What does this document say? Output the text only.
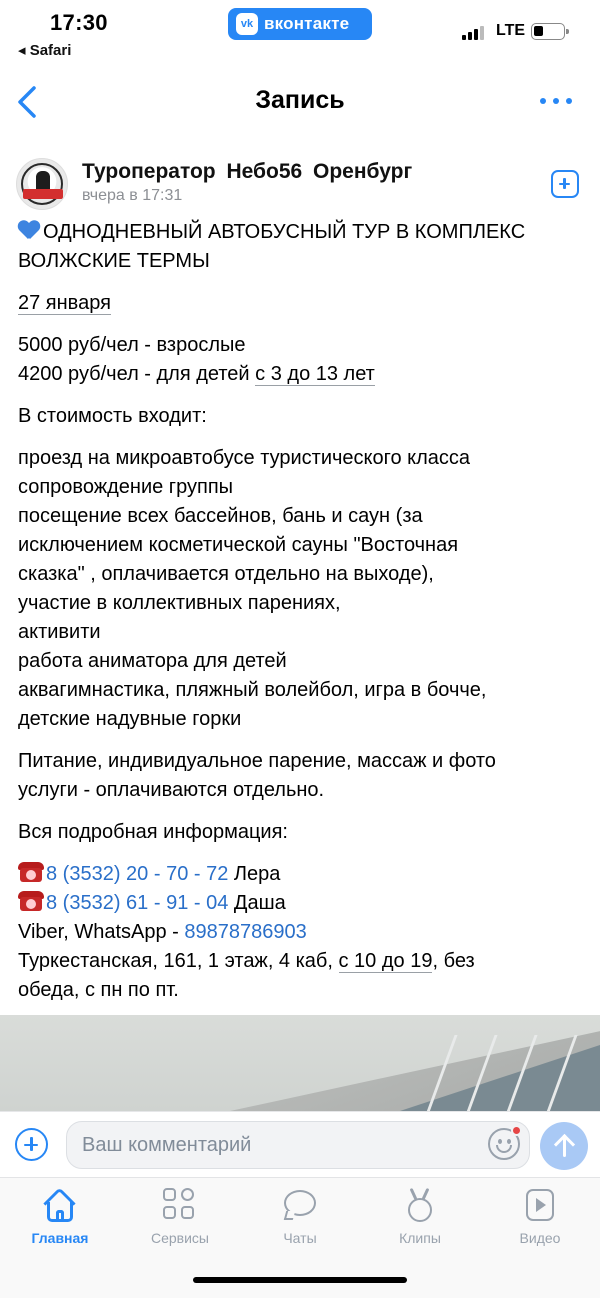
17:30
◂ Safari
vk вконтакте	LTE
Запись
Туроператор Небо56 Оренбург
вчера в 17:31

ОДНОДНЕВНЫЙ АВТОБУСНЫЙ ТУР В КОМПЛЕКС ВОЛЖСКИЕ ТЕРМЫ

27 января

5000 руб/чел - взрослые
4200 руб/чел - для детей с 3 до 13 лет

В стоимость входит:

проезд на микроавтобусе туристического класса
сопровождение группы
посещение всех бассейнов, бань и саун (за
исключением косметической сауны "Восточная
сказка" , оплачивается отдельно на выходе),
участие в коллективных парениях,
активити
работа аниматора для детей
аквагимнастика, пляжный волейбол, игра в бочче,
детские надувные горки

Питание, индивидуальное парение, массаж и фото
услуги - оплачиваются отдельно.

Вся подробная информация:

8 (3532) 20 - 70 - 72 Лера
8 (3532) 61 - 91 - 04 Даша
Viber, WhatsApp - 89878786903
Туркестанская, 161, 1 этаж, 4 каб, с 10 до 19, без
обеда, с пн по пт.

Ваш комментарий
Главная	Сервисы	Чаты	Клипы	Видео
